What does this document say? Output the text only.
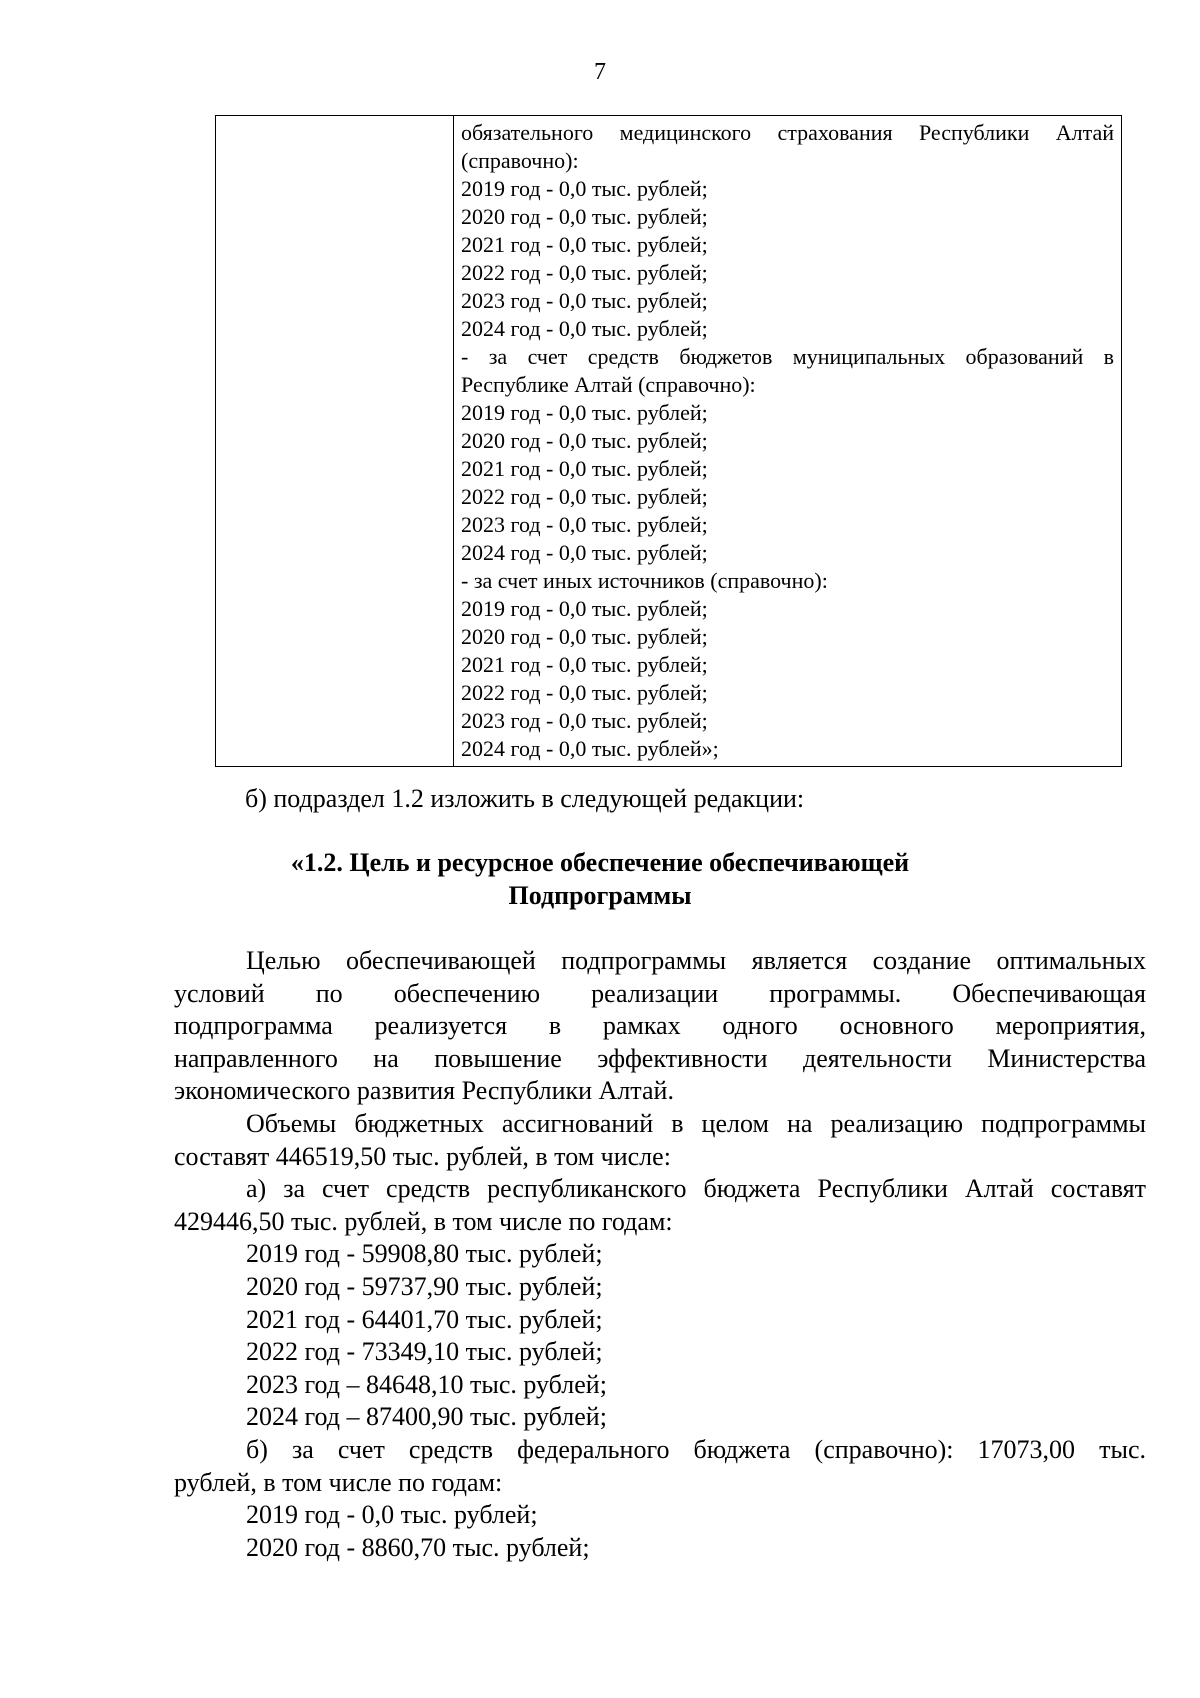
7

обязательного медицинского страхования Республики Алтай
(справочно):
2019 год - 0,0 тыс. рублей;
2020 год - 0,0 тыс. рублей;
2021 год - 0,0 тыс. рублей;
2022 год - 0,0 тыс. рублей;
2023 год - 0,0 тыс. рублей;
2024 год - 0,0 тыс. рублей;
- за счет средств бюджетов муниципальных образований в
Республике Алтай (справочно):
2019 год - 0,0 тыс. рублей;
2020 год - 0,0 тыс. рублей;
2021 год - 0,0 тыс. рублей;
2022 год - 0,0 тыс. рублей;
2023 год - 0,0 тыс. рублей;
2024 год - 0,0 тыс. рублей;
- за счет иных источников (справочно):
2019 год - 0,0 тыс. рублей;
2020 год - 0,0 тыс. рублей;
2021 год - 0,0 тыс. рублей;
2022 год - 0,0 тыс. рублей;
2023 год - 0,0 тыс. рублей;
2024 год - 0,0 тыс. рублей»;
б) подраздел 1.2 изложить в следующей редакции:
«1.2. Цель и ресурсное обеспечение обеспечивающей
Подпрограммы
Целью обеспечивающей подпрограммы является создание оптимальных
условий по обеспечению реализации программы. Обеспечивающая
подпрограмма реализуется в рамках одного основного мероприятия,
направленного на повышение эффективности деятельности Министерства
экономического развития Республики Алтай.
Объемы бюджетных ассигнований в целом на реализацию подпрограммы
составят 446519,50 тыс. рублей, в том числе:
а) за счет средств республиканского бюджета Республики Алтай составят
429446,50 тыс. рублей, в том числе по годам:
2019 год - 59908,80 тыс. рублей;
2020 год - 59737,90 тыс. рублей;
2021 год - 64401,70 тыс. рублей;
2022 год - 73349,10 тыс. рублей;
2023 год – 84648,10 тыс. рублей;
2024 год – 87400,90 тыс. рублей;
б) за счет средств федерального бюджета (справочно): 17073,00 тыс.
рублей, в том числе по годам:
2019 год - 0,0 тыс. рублей;
2020 год - 8860,70 тыс. рублей;
